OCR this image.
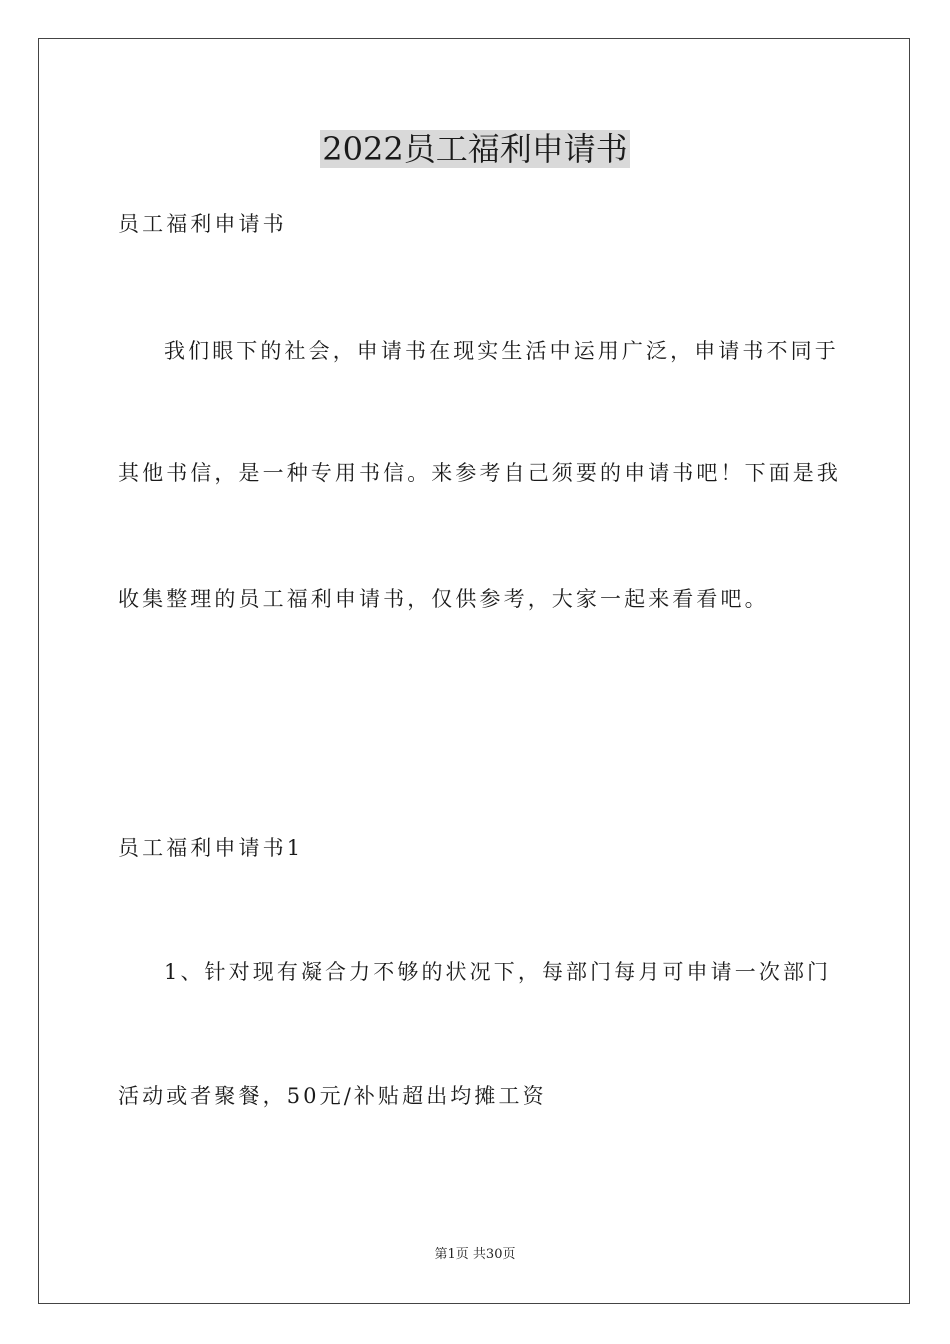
2022员工福利申请书
员工福利申请书
我们眼下的社会，申请书在现实生活中运用广泛，申请书不同于
其他书信，是一种专用书信。来参考自己须要的申请书吧！下面是我
收集整理的员工福利申请书，仅供参考，大家一起来看看吧。
员工福利申请书1
1、针对现有凝合力不够的状况下，每部门每月可申请一次部门
活动或者聚餐，50元/补贴超出均摊工资
第1页 共30页
